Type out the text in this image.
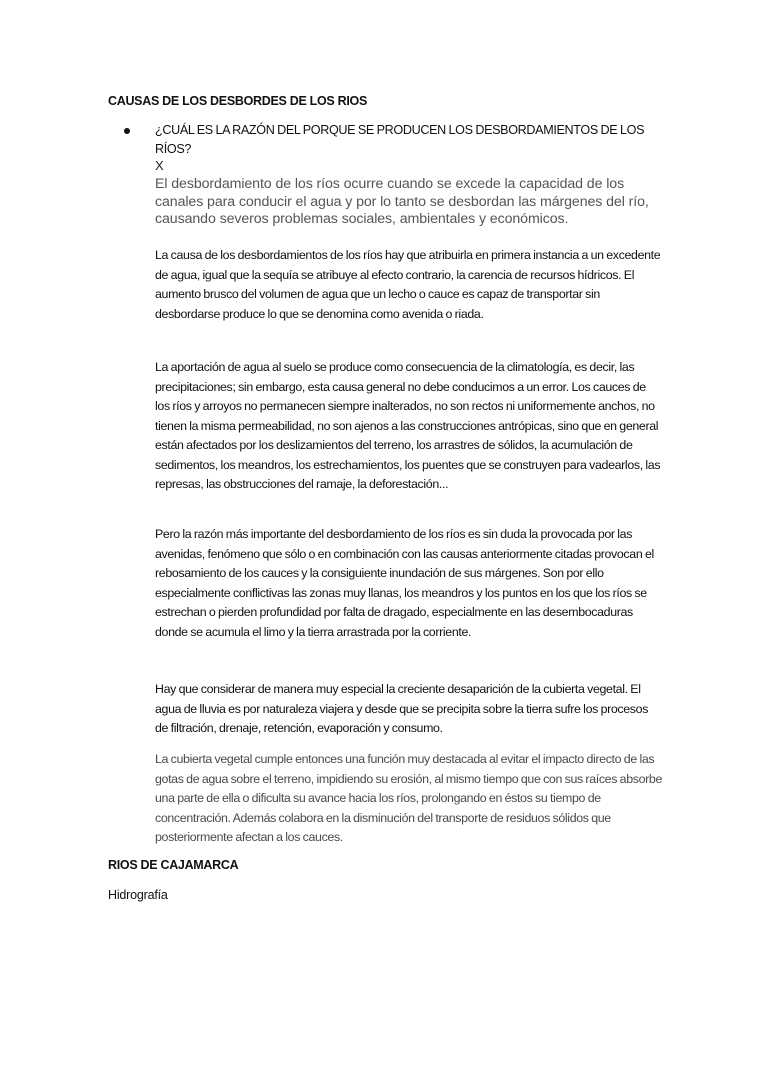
CAUSAS DE LOS DESBORDES DE LOS RIOS

¿CUÁL ES LA RAZÓN DEL PORQUE SE PRODUCEN LOS DESBORDAMIENTOS DE LOS RÍOS?

X

El desbordamiento de los ríos ocurre cuando se excede la capacidad de los canales para conducir el agua y por lo tanto se desbordan las márgenes del río, causando severos problemas sociales, ambientales y económicos.

La causa de los desbordamientos de los ríos hay que atribuirla en primera instancia a un excedente de agua, igual que la sequía se atribuye al efecto contrario, la carencia de recursos hídricos. El aumento brusco del volumen de agua que un lecho o cauce es capaz de transportar sin desbordarse produce lo que se denomina como avenida o riada.

La aportación de agua al suelo se produce como consecuencia de la climatología, es decir, las precipitaciones; sin embargo, esta causa general no debe conducimos a un error. Los cauces de los ríos y arroyos no permanecen siempre inalterados, no son rectos ni uniformemente anchos, no tienen la misma permeabilidad, no son ajenos a las construcciones antrópicas, sino que en general están afectados por los deslizamientos del terreno, los arrastres de sólidos, la acumulación de sedimentos, los meandros, los estrechamientos, los puentes que se construyen para vadearlos, las represas, las obstrucciones del ramaje, la deforestación...

Pero la razón más importante del desbordamiento de los ríos es sin duda la provocada por las avenidas, fenómeno que sólo o en combinación con las causas anteriormente citadas provocan el rebosamiento de los cauces y la consiguiente inundación de sus márgenes. Son por ello especialmente conflictivas las zonas muy llanas, los meandros y los puntos en los que los ríos se estrechan o pierden profundidad por falta de dragado, especialmente en las desembocaduras donde se acumula el limo y la tierra arrastrada por la corriente.

Hay que considerar de manera muy especial la creciente desaparición de la cubierta vegetal. El agua de lluvia es por naturaleza viajera y desde que se precipita sobre la tierra sufre los procesos de filtración, drenaje, retención, evaporación y consumo.

La cubierta vegetal cumple entonces una función muy destacada al evitar el impacto directo de las gotas de agua sobre el terreno, impidiendo su erosión, al mismo tiempo que con sus raíces absorbe una parte de ella o dificulta su avance hacia los ríos, prolongando en éstos su tiempo de concentración. Además colabora en la disminución del transporte de residuos sólidos que posteriormente afectan a los cauces.

RIOS DE CAJAMARCA
Hidrografía
